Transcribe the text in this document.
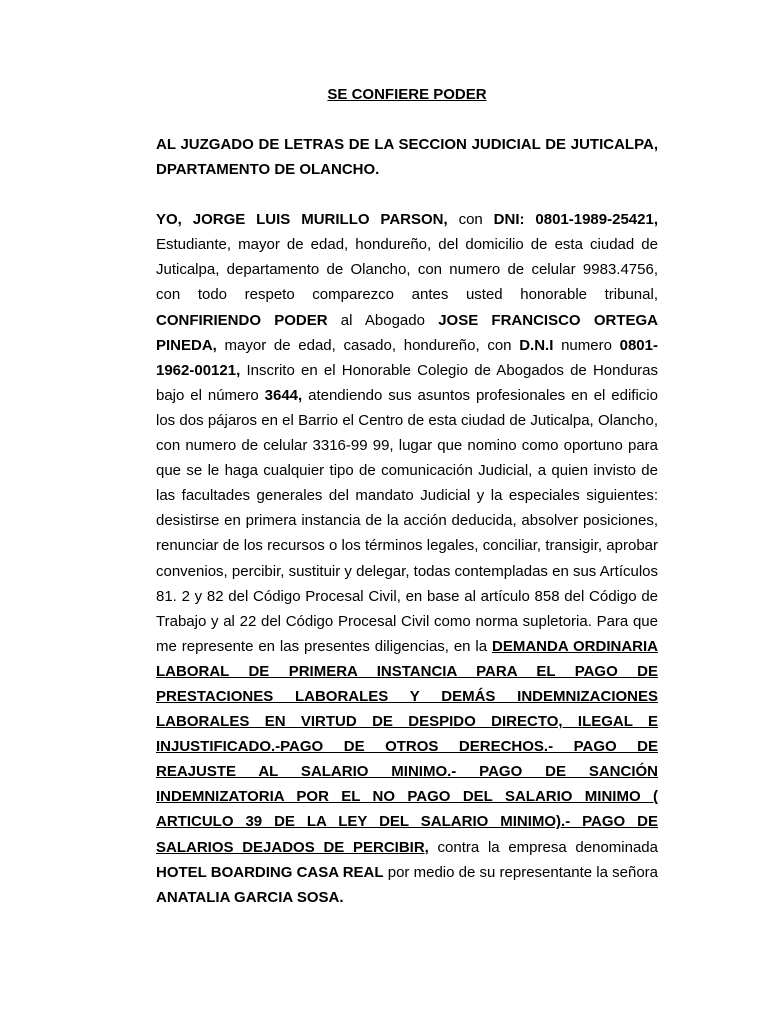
SE CONFIERE PODER

AL JUZGADO DE LETRAS DE LA SECCION JUDICIAL DE JUTICALPA, DPARTAMENTO DE OLANCHO.

YO, JORGE LUIS MURILLO PARSON, con DNI: 0801-1989-25421, Estudiante, mayor de edad, hondureño, del domicilio de esta ciudad de Juticalpa, departamento de Olancho, con numero de celular 9983.4756, con todo respeto comparezco antes usted honorable tribunal, CONFIRIENDO PODER al Abogado JOSE FRANCISCO ORTEGA PINEDA, mayor de edad, casado, hondureño, con D.N.I numero 0801-1962-00121, Inscrito en el Honorable Colegio de Abogados de Honduras bajo el número 3644, atendiendo sus asuntos profesionales en el edificio los dos pájaros en el Barrio el Centro de esta ciudad de Juticalpa, Olancho, con numero de celular 3316-99 99, lugar que nomino como oportuno para que se le haga cualquier tipo de comunicación Judicial, a quien invisto de las facultades generales del mandato Judicial y la especiales siguientes: desistirse en primera instancia de la acción deducida, absolver posiciones, renunciar de los recursos o los términos legales, conciliar, transigir, aprobar convenios, percibir, sustituir y delegar, todas contempladas en sus Artículos 81. 2 y 82 del Código Procesal Civil, en base al artículo 858 del Código de Trabajo y al 22 del Código Procesal Civil como norma supletoria. Para que me represente en las presentes diligencias, en la DEMANDA ORDINARIA LABORAL DE PRIMERA INSTANCIA PARA EL PAGO DE PRESTACIONES LABORALES Y DEMÁS INDEMNIZACIONES LABORALES EN VIRTUD DE DESPIDO DIRECTO, ILEGAL E INJUSTIFICADO.-PAGO DE OTROS DERECHOS.- PAGO DE REAJUSTE AL SALARIO MINIMO.- PAGO DE SANCIÓN INDEMNIZATORIA POR EL NO PAGO DEL SALARIO MINIMO ( ARTICULO 39 DE LA LEY DEL SALARIO MINIMO).- PAGO DE SALARIOS DEJADOS DE PERCIBIR, contra la empresa denominada HOTEL BOARDING CASA REAL por medio de su representante la señora ANATALIA GARCIA SOSA.
